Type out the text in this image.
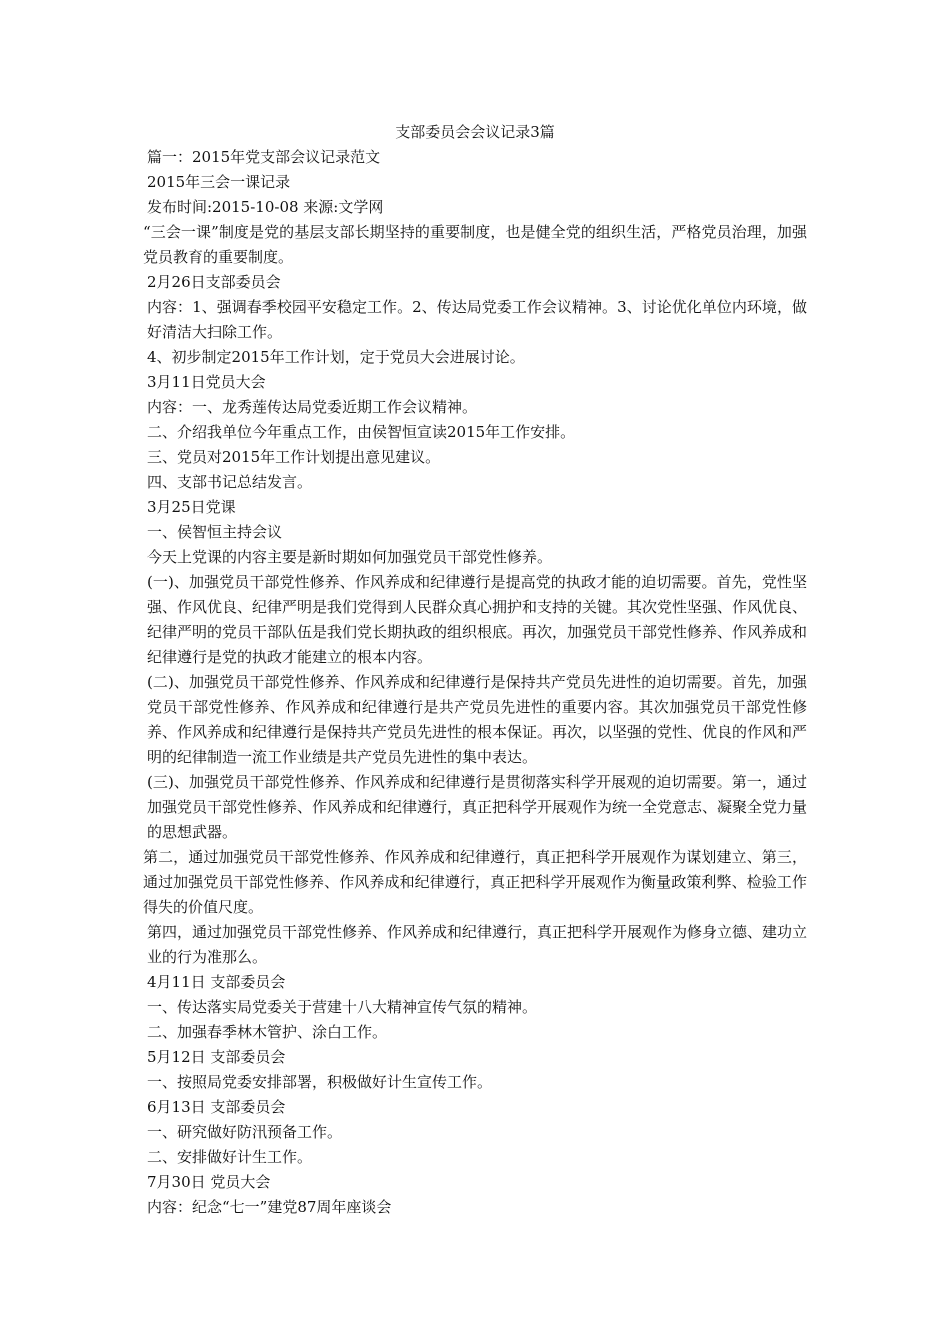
支部委员会会议记录3篇

篇一：2015年党支部会议记录范文

2015年三会一课记录

发布时间:2015-10-08 来源:文学网

“三会一课”制度是党的基层支部长期坚持的重要制度，也是健全党的组织生活，严格党员治理，加强党员教育的重要制度。

2月26日支部委员会

内容：1、强调春季校园平安稳定工作。2、传达局党委工作会议精神。3、讨论优化单位内环境，做好清洁大扫除工作。

4、初步制定2015年工作计划，定于党员大会进展讨论。

3月11日党员大会

内容：一、龙秀莲传达局党委近期工作会议精神。

二、介绍我单位今年重点工作，由侯智恒宣读2015年工作安排。

三、党员对2015年工作计划提出意见建议。

四、支部书记总结发言。

3月25日党课

一、侯智恒主持会议

今天上党课的内容主要是新时期如何加强党员干部党性修养。

(一)、加强党员干部党性修养、作风养成和纪律遵行是提高党的执政才能的迫切需要。首先，党性坚强、作风优良、纪律严明是我们党得到人民群众真心拥护和支持的关键。其次党性坚强、作风优良、纪律严明的党员干部队伍是我们党长期执政的组织根底。再次，加强党员干部党性修养、作风养成和纪律遵行是党的执政才能建立的根本内容。

(二)、加强党员干部党性修养、作风养成和纪律遵行是保持共产党员先进性的迫切需要。首先，加强党员干部党性修养、作风养成和纪律遵行是共产党员先进性的重要内容。其次加强党员干部党性修养、作风养成和纪律遵行是保持共产党员先进性的根本保证。再次，以坚强的党性、优良的作风和严明的纪律制造一流工作业绩是共产党员先进性的集中表达。

(三)、加强党员干部党性修养、作风养成和纪律遵行是贯彻落实科学开展观的迫切需要。第一，通过加强党员干部党性修养、作风养成和纪律遵行，真正把科学开展观作为统一全党意志、凝聚全党力量的思想武器。

第二，通过加强党员干部党性修养、作风养成和纪律遵行，真正把科学开展观作为谋划建立、第三，通过加强党员干部党性修养、作风养成和纪律遵行，真正把科学开展观作为衡量政策利弊、检验工作得失的价值尺度。

第四，通过加强党员干部党性修养、作风养成和纪律遵行，真正把科学开展观作为修身立德、建功立业的行为准那么。

4月11日 支部委员会

一、传达落实局党委关于营建十八大精神宣传气氛的精神。

二、加强春季林木管护、涂白工作。

5月12日 支部委员会

一、按照局党委安排部署，积极做好计生宣传工作。

6月13日 支部委员会

一、研究做好防汛预备工作。

二、安排做好计生工作。

7月30日 党员大会

内容：纪念“七一”建党87周年座谈会
